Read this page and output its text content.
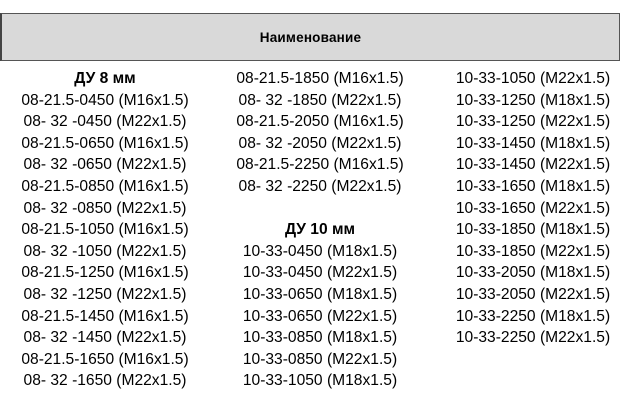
Наименование
ДУ 8 мм
08-21.5-0450 (М16х1.5)
08- 32 -0450 (М22х1.5)
08-21.5-0650 (М16х1.5)
08- 32 -0650 (М22х1.5)
08-21.5-0850 (М16х1.5)
08- 32 -0850 (М22х1.5)
08-21.5-1050 (М16х1.5)
08- 32 -1050 (М22х1.5)
08-21.5-1250 (М16х1.5)
08- 32 -1250 (М22х1.5)
08-21.5-1450 (М16х1.5)
08- 32 -1450 (М22х1.5)
08-21.5-1650 (М16х1.5)
08- 32 -1650 (М22х1.5)
08-21.5-1850 (М16х1.5)
08- 32 -1850 (М22х1.5)
08-21.5-2050 (М16х1.5)
08- 32 -2050 (М22х1.5)
08-21.5-2250 (М16х1.5)
08- 32 -2250 (М22х1.5)
ДУ 10 мм
10-33-0450 (М18х1.5)
10-33-0450 (М22х1.5)
10-33-0650 (М18х1.5)
10-33-0650 (М22х1.5)
10-33-0850 (М18х1.5)
10-33-0850 (М22х1.5)
10-33-1050 (М18х1.5)
10-33-1050 (М22х1.5)
10-33-1250 (М18х1.5)
10-33-1250 (М22х1.5)
10-33-1450 (М18х1.5)
10-33-1450 (М22х1.5)
10-33-1650 (М18х1.5)
10-33-1650 (М22х1.5)
10-33-1850 (М18х1.5)
10-33-1850 (М22х1.5)
10-33-2050 (М18х1.5)
10-33-2050 (М22х1.5)
10-33-2250 (М18х1.5)
10-33-2250 (М22х1.5)
